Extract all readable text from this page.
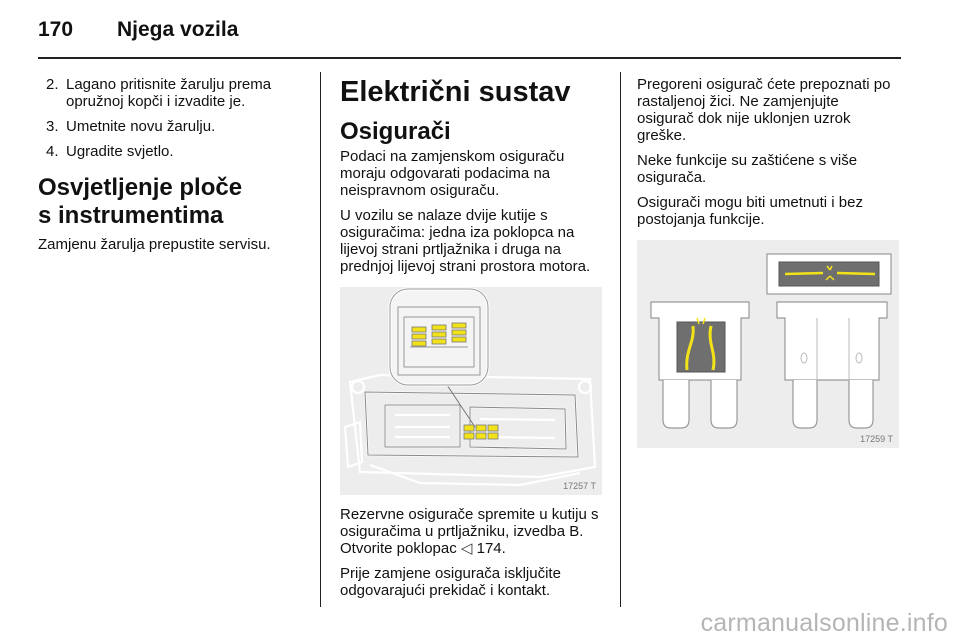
170 Njega vozila
2. Lagano pritisnite žarulju prema opružnoj kopči i izvadite je.
3. Umetnite novu žarulju.
4. Ugradite svjetlo.
Osvjetljenje ploče
s instrumentima

Zamjenu žarulja prepustite servisu.

Električni sustav
Osigurači

Podaci na zamjenskom osiguraču moraju odgovarati podacima na neispravnom osiguraču.

U vozilu se nalaze dvije kutije s osiguračima: jedna iza poklopca na lijevoj strani prtljažnika i druga na prednjoj lijevoj strani prostora motora.

17257 T

Rezervne osigurače spremite u kutiju s osiguračima u prtljažniku, izvedba B. Otvorite poklopac ◁ 174.

Prije zamjene osigurača isključite odgovarajući prekidač i kontakt.

Pregoreni osigurač ćete prepoznati po rastaljenoj žici. Ne zamjenjujte osigurač dok nije uklonjen uzrok greške.

Neke funkcije su zaštićene s više osigurača.

Osigurači mogu biti umetnuti i bez postojanja funkcije.

17259 T
carmanualsonline.info
